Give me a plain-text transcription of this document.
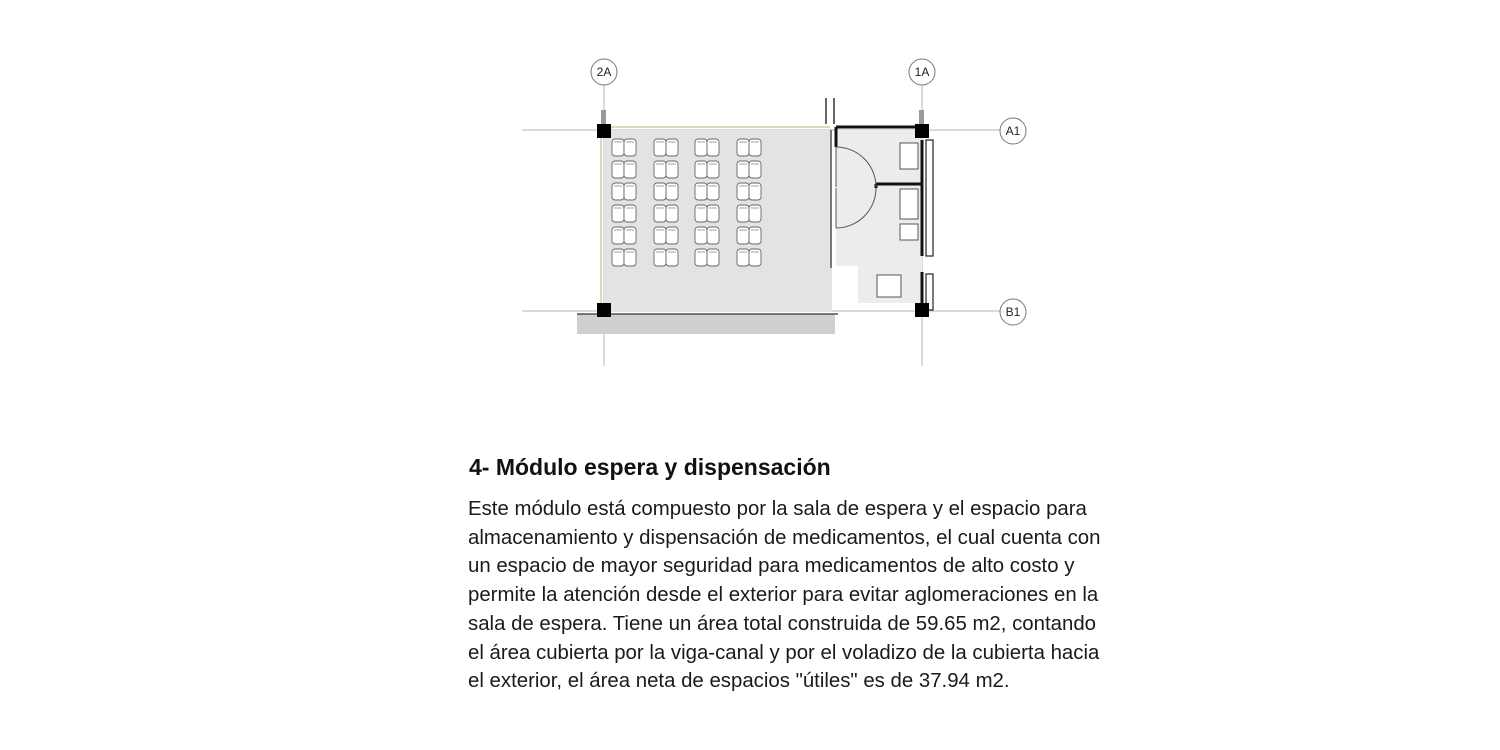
2A	1A
A1
B1
4- Módulo espera y dispensación
Este módulo está compuesto por la sala de espera y el espacio para
almacenamiento y dispensación de medicamentos, el cual cuenta con
un espacio de mayor seguridad para medicamentos de alto costo y
permite la atención desde el exterior para evitar aglomeraciones en la
sala de espera. Tiene un área total construida de 59.65 m2, contando
el área cubierta por la viga-canal y por el voladizo de la cubierta hacia
el exterior, el área neta de espacios "útiles" es de 37.94 m2.
